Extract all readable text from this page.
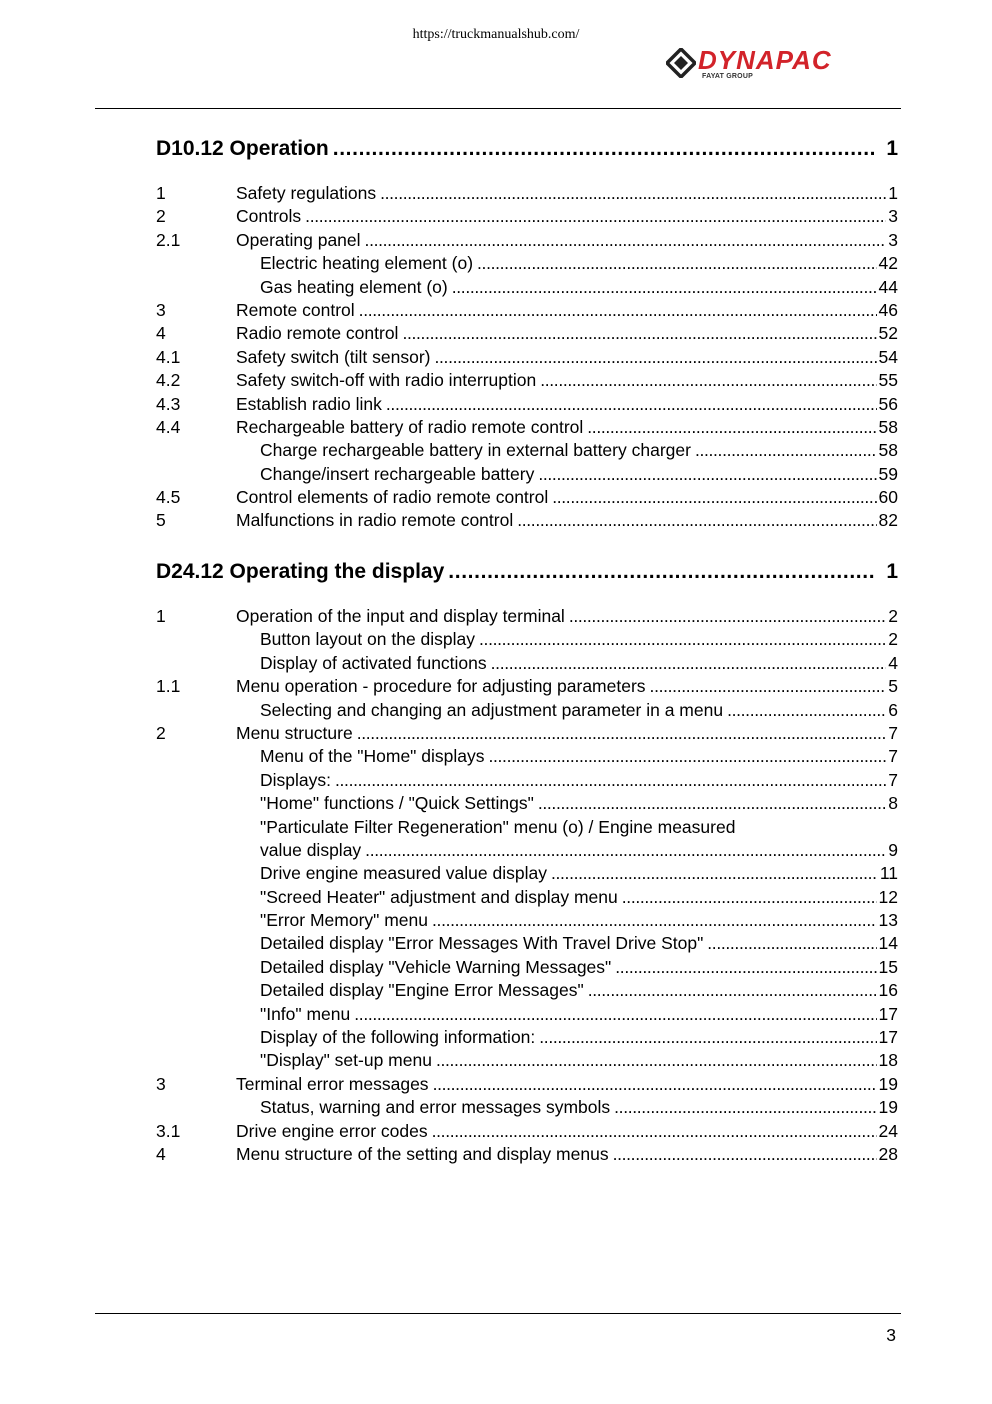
https://truckmanualshub.com/
DYNAPAC
FAYAT GROUP
D10.12 Operation . . .	1
1	Safety regulations . . .	1
2	Controls . . .	3
2.1	Operating panel . . .	3
Electric heating element (o) . . .	42
Gas heating element (o) . . .	44
3	Remote control . . .	46
4	Radio remote control . . .	52
4.1	Safety switch (tilt sensor) . . .	54
4.2	Safety switch-off with radio interruption . . .	55
4.3	Establish radio link . . .	56
4.4	Rechargeable battery of radio remote control . . .	58
Charge rechargeable battery in external battery charger . . .	58
Change/insert rechargeable battery . . .	59
4.5	Control elements of radio remote control . . .	60
5	Malfunctions in radio remote control . . .	82
D24.12 Operating the display . . .	1
1	Operation of the input and display terminal . . .	2
Button layout on the display . . .	2
Display of activated functions . . .	4
1.1	Menu operation - procedure for adjusting parameters . . .	5
Selecting and changing an adjustment parameter in a menu . . .	6
2	Menu structure . . .	7
Menu of the "Home" displays . . .	7
Displays: . . .	7
"Home" functions / "Quick Settings" . . .	8
"Particulate Filter Regeneration" menu (o) / Engine measured
value display . . .	9
Drive engine measured value display . . .	11
"Screed Heater" adjustment and display menu . . .	12
"Error Memory" menu . . .	13
Detailed display "Error Messages With Travel Drive Stop" . . .	14
Detailed display "Vehicle Warning Messages" . . .	15
Detailed display "Engine Error Messages" . . .	16
"Info" menu . . .	17
Display of the following information: . . .	17
"Display" set-up menu . . .	18
3	Terminal error messages . . .	19
Status, warning and error messages symbols . . .	19
3.1	Drive engine error codes . . .	24
4	Menu structure of the setting and display menus . . .	28
3
